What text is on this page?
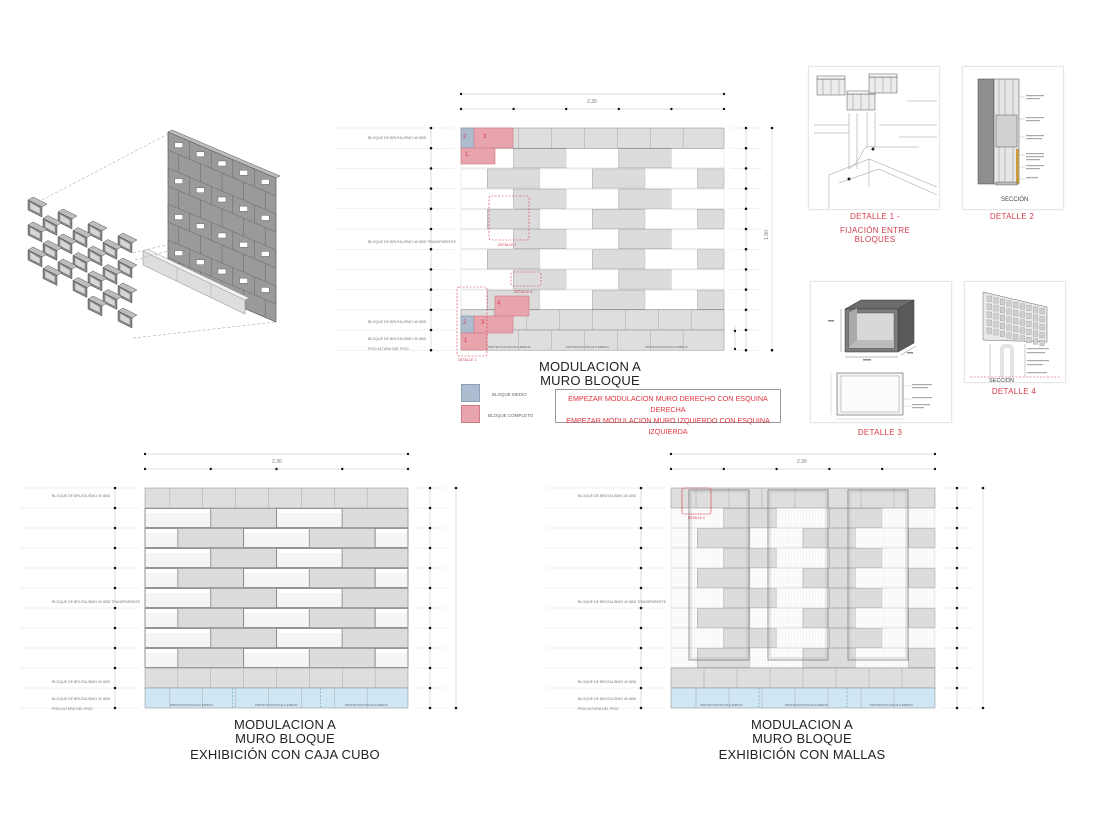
2	3
1
4
2 3
1
DETALLE 2
DETALLE 4
DETALLE 1
PROTECCION ZOCALO ESPEJO	PROTECCION ZOCALO ESPEJO	PROTECCION ZOCALO ESPEJO
PROTECCION ZOCALO ESPEJO	PROTECCION ZOCALO ESPEJO	PROTECCION ZOCALO ESPEJO
DETALLE 4
PROTECCION ZOCALO ESPEJO	PROTECCION ZOCALO ESPEJO	PROTECCION ZOCALO ESPEJO
2.30
1.90
MODULACION A
MURO BLOQUE
BLOQUE MEDIO
BLOQUE COMPLETO
EMPEZAR MODULACION MURO DERECHO CON ESQUINA DERECHA
EMPEZAR MODULACION MURO IZQUIERDO CON ESQUINA IZQUIERDA
DETALLE 1 -
FIJACIÓN ENTRE BLOQUES
SECCIÓN
DETALLE 2
DETALLE 3
SECCIÓN
DETALLE 4
MODULACION A
MURO BLOQUE
EXHIBICIÓN CON CAJA CUBO
MODULACION A
MURO BLOQUE
EXHIBICIÓN CON MALLAS
2.30	2.30
BLOQUE DE BRUTALISMO 40 ABD
BLOQUE DE BRUTALISMO 40 ABD TRANSPARENTE
BLOQUE DE BRUTALISMO 40 ABD
BLOQUE DE BRUTALISMO 40 ABD
PISO ALTURA DEL PISO
BLOQUE DE BRUTALISMO 40 ABD
BLOQUE DE BRUTALISMO 40 ABD TRANSPARENTE
BLOQUE DE BRUTALISMO 40 ABD
BLOQUE DE BRUTALISMO 40 ABD
PISO ALTURA DEL PISO
BLOQUE DE BRUTALISMO 40 ABD
BLOQUE DE BRUTALISMO 40 ABD TRANSPARENTE
BLOQUE DE BRUTALISMO 40 ABD
BLOQUE DE BRUTALISMO 40 ABD
PISO ALTURA DEL PISO
